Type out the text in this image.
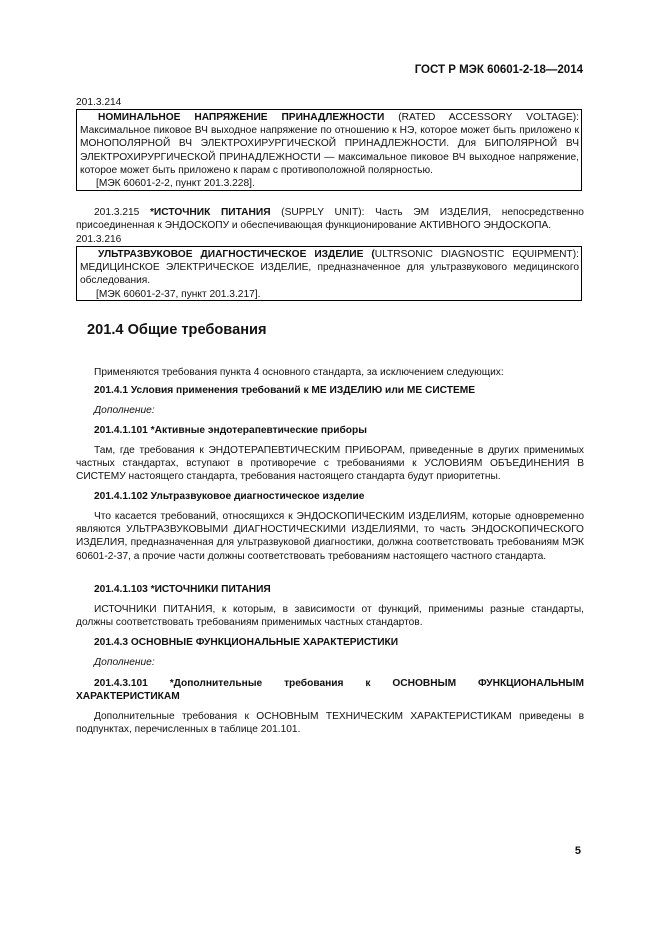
ГОСТ Р МЭК 60601-2-18—2014
201.3.214

НОМИНАЛЬНОЕ НАПРЯЖЕНИЕ ПРИНАДЛЕЖНОСТИ (RATED ACCESSORY VOLTAGE): Максимальное пиковое ВЧ выходное напряжение по отношению к НЭ, которое может быть приложено к МОНОПОЛЯРНОЙ ВЧ ЭЛЕКТРОХИРУРГИЧЕСКОЙ ПРИНАДЛЕЖНОСТИ. Для БИПОЛЯРНОЙ ВЧ ЭЛЕКТРОХИРУРГИЧЕСКОЙ ПРИНАДЛЕЖНОСТИ — максимальное пиковое ВЧ выходное напряжение, которое может быть приложено к парам с противоположной полярностью.

[МЭК 60601-2-2, пункт 201.3.228].

201.3.215 *ИСТОЧНИК ПИТАНИЯ (SUPPLY UNIT): Часть ЭМ ИЗДЕЛИЯ, непосредственно присоединенная к ЭНДОСКОПУ и обеспечивающая функционирование АКТИВНОГО ЭНДОСКОПА.
201.3.216

УЛЬТРАЗВУКОВОЕ ДИАГНОСТИЧЕСКОЕ ИЗДЕЛИЕ (ULTRSONIC DIAGNOSTIC EQUIPMENT): МЕДИЦИНСКОЕ ЭЛЕКТРИЧЕСКОЕ ИЗДЕЛИЕ, предназначенное для ультразвукового медицинского обследования.

[МЭК 60601-2-37, пункт 201.3.217].

201.4 Общие требования
Применяются требования пункта 4 основного стандарта, за исключением следующих:
201.4.1 Условия применения требований к МЕ ИЗДЕЛИЮ или МЕ СИСТЕМЕ
Дополнение:
201.4.1.101 *Активные эндотерапевтические приборы
Там, где требования к ЭНДОТЕРАПЕВТИЧЕСКИМ ПРИБОРАМ, приведенные в других применимых частных стандартах, вступают в противоречие с требованиями к УСЛОВИЯМ ОБЪЕДИНЕНИЯ В СИСТЕМУ настоящего стандарта, требования настоящего стандарта будут приоритетны.
201.4.1.102 Ультразвуковое диагностическое изделие
Что касается требований, относящихся к ЭНДОСКОПИЧЕСКИМ ИЗДЕЛИЯМ, которые одновременно являются УЛЬТРАЗВУКОВЫМИ ДИАГНОСТИЧЕСКИМИ ИЗДЕЛИЯМИ, то часть ЭНДОСКОПИЧЕСКОГО ИЗДЕЛИЯ, предназначенная для ультразвуковой диагностики, должна соответствовать требованиям МЭК 60601-2-37, а прочие части должны соответствовать требованиям настоящего частного стандарта.
201.4.1.103 *ИСТОЧНИКИ ПИТАНИЯ
ИСТОЧНИКИ ПИТАНИЯ, к которым, в зависимости от функций, применимы разные стандарты, должны соответствовать требованиям применимых частных стандартов.
201.4.3 ОСНОВНЫЕ ФУНКЦИОНАЛЬНЫЕ ХАРАКТЕРИСТИКИ
Дополнение:
201.4.3.101 *Дополнительные требования к ОСНОВНЫМ ФУНКЦИОНАЛЬНЫМ ХАРАКТЕРИСТИКАМ
Дополнительные требования к ОСНОВНЫМ ТЕХНИЧЕСКИМ ХАРАКТЕРИСТИКАМ приведены в подпунктах, перечисленных в таблице 201.101.
5
